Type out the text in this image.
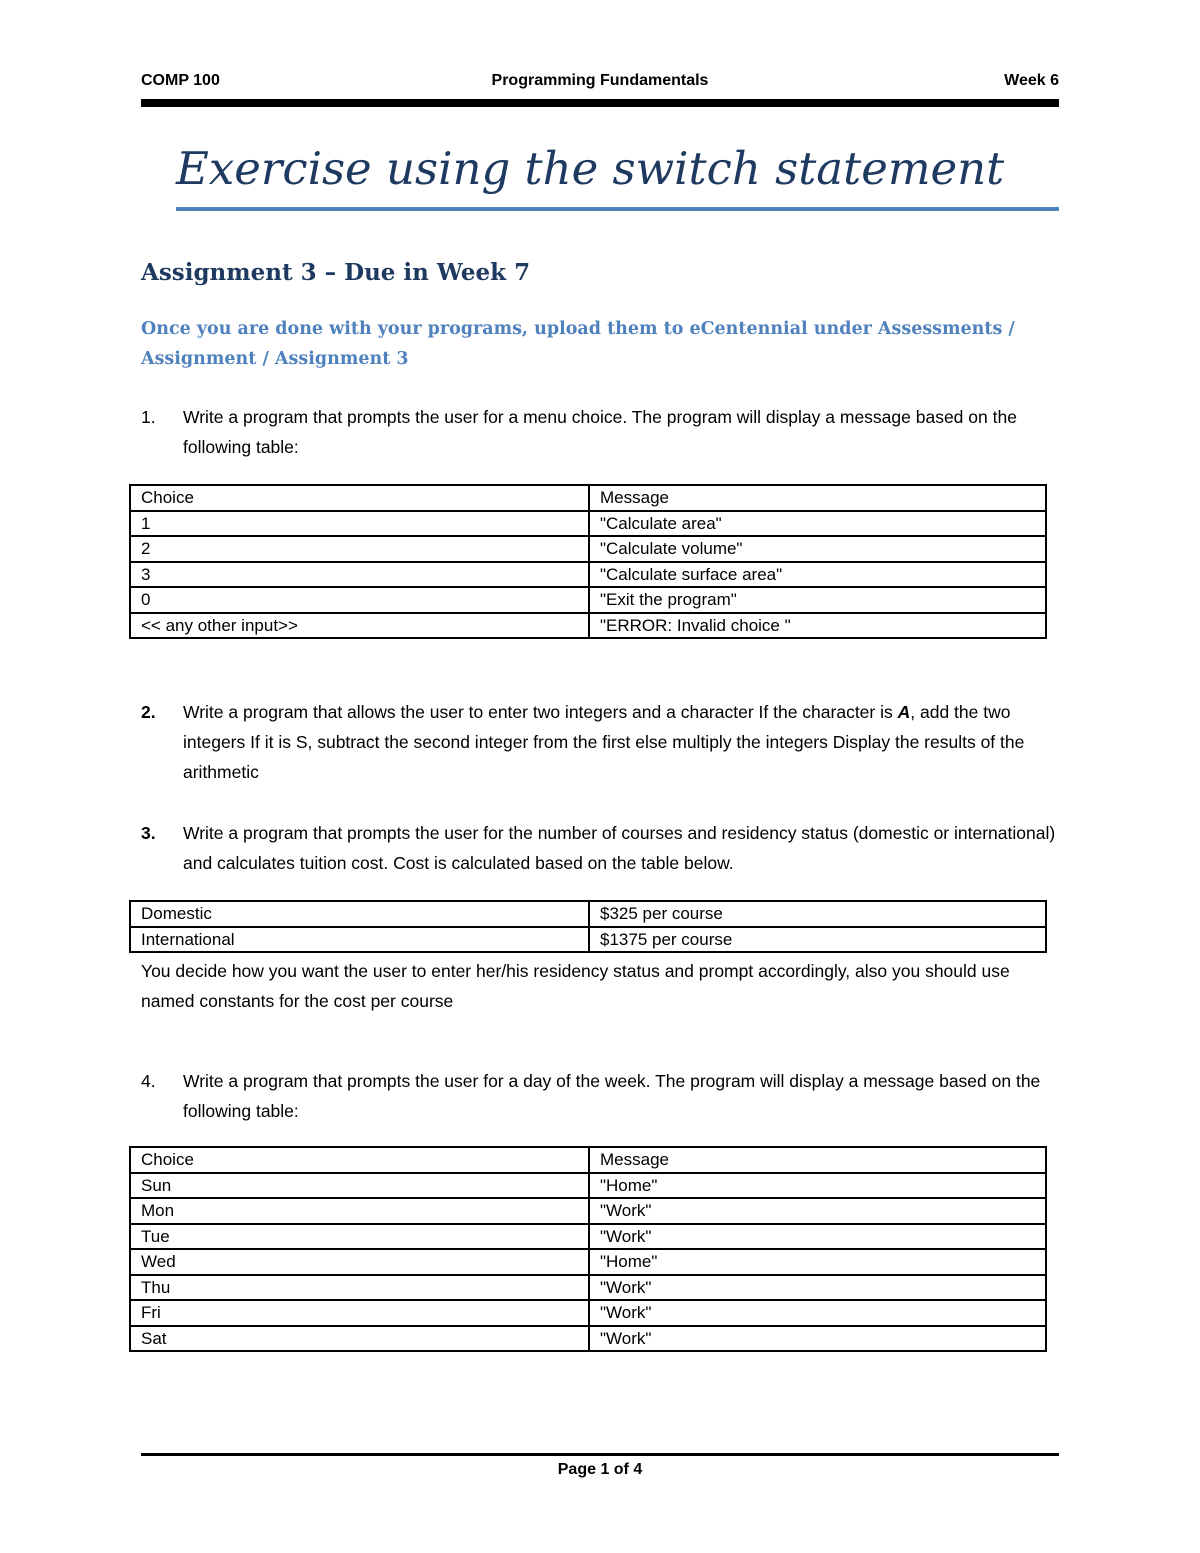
Programming Fundamentals
COMP 100	Week 6
Exercise using the switch statement
Assignment 3 – Due in Week 7
Once you are done with your programs, upload them to eCentennial under Assessments / Assignment / Assignment 3
1. Write a program that prompts the user for a menu choice. The program will display a message based on the following table:
Choice	Message
1	"Calculate area"
2	"Calculate volume"
3	"Calculate surface area"
0	"Exit the program"
<< any other input>>	"ERROR: Invalid choice "
2. Write a program that allows the user to enter two integers and a character If the character is A, add the two integers If it is S, subtract the second integer from the first else multiply the integers Display the results of the arithmetic
3. Write a program that prompts the user for the number of courses and residency status (domestic or international) and calculates tuition cost. Cost is calculated based on the table below.
Domestic	$325 per course
International	$1375 per course
You decide how you want the user to enter her/his residency status and prompt accordingly, also you should use named constants for the cost per course
4. Write a program that prompts the user for a day of the week. The program will display a message based on the following table:
Choice	Message
Sun	"Home"
Mon	"Work"
Tue	"Work"
Wed	"Home"
Thu	"Work"
Fri	"Work"
Sat	"Work"
Page 1 of 4
